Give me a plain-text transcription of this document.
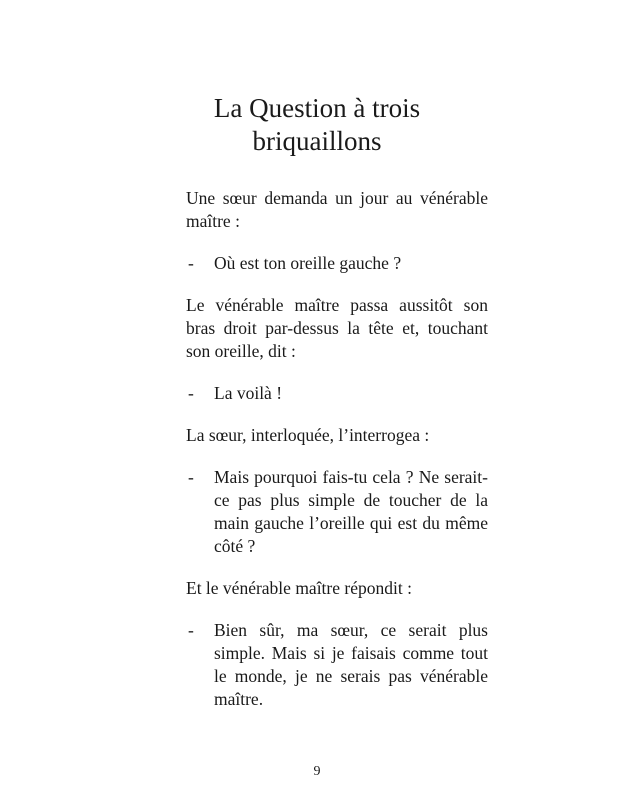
La Question à trois
briquaillons

Une sœur demanda un jour au vénérable maître :

-	Où est ton oreille gauche ?

Le vénérable maître passa aussitôt son bras droit par-dessus la tête et, touchant son oreille, dit :

-	La voilà !

La sœur, interloquée, l’interrogea :

-	Mais pourquoi fais-tu cela ? Ne serait-ce pas plus simple de toucher de la main gauche l’oreille qui est du même côté ?

Et le vénérable maître répondit :

-	Bien sûr, ma sœur, ce serait plus simple. Mais si je faisais comme tout le monde, je ne serais pas vénérable maître.
9
